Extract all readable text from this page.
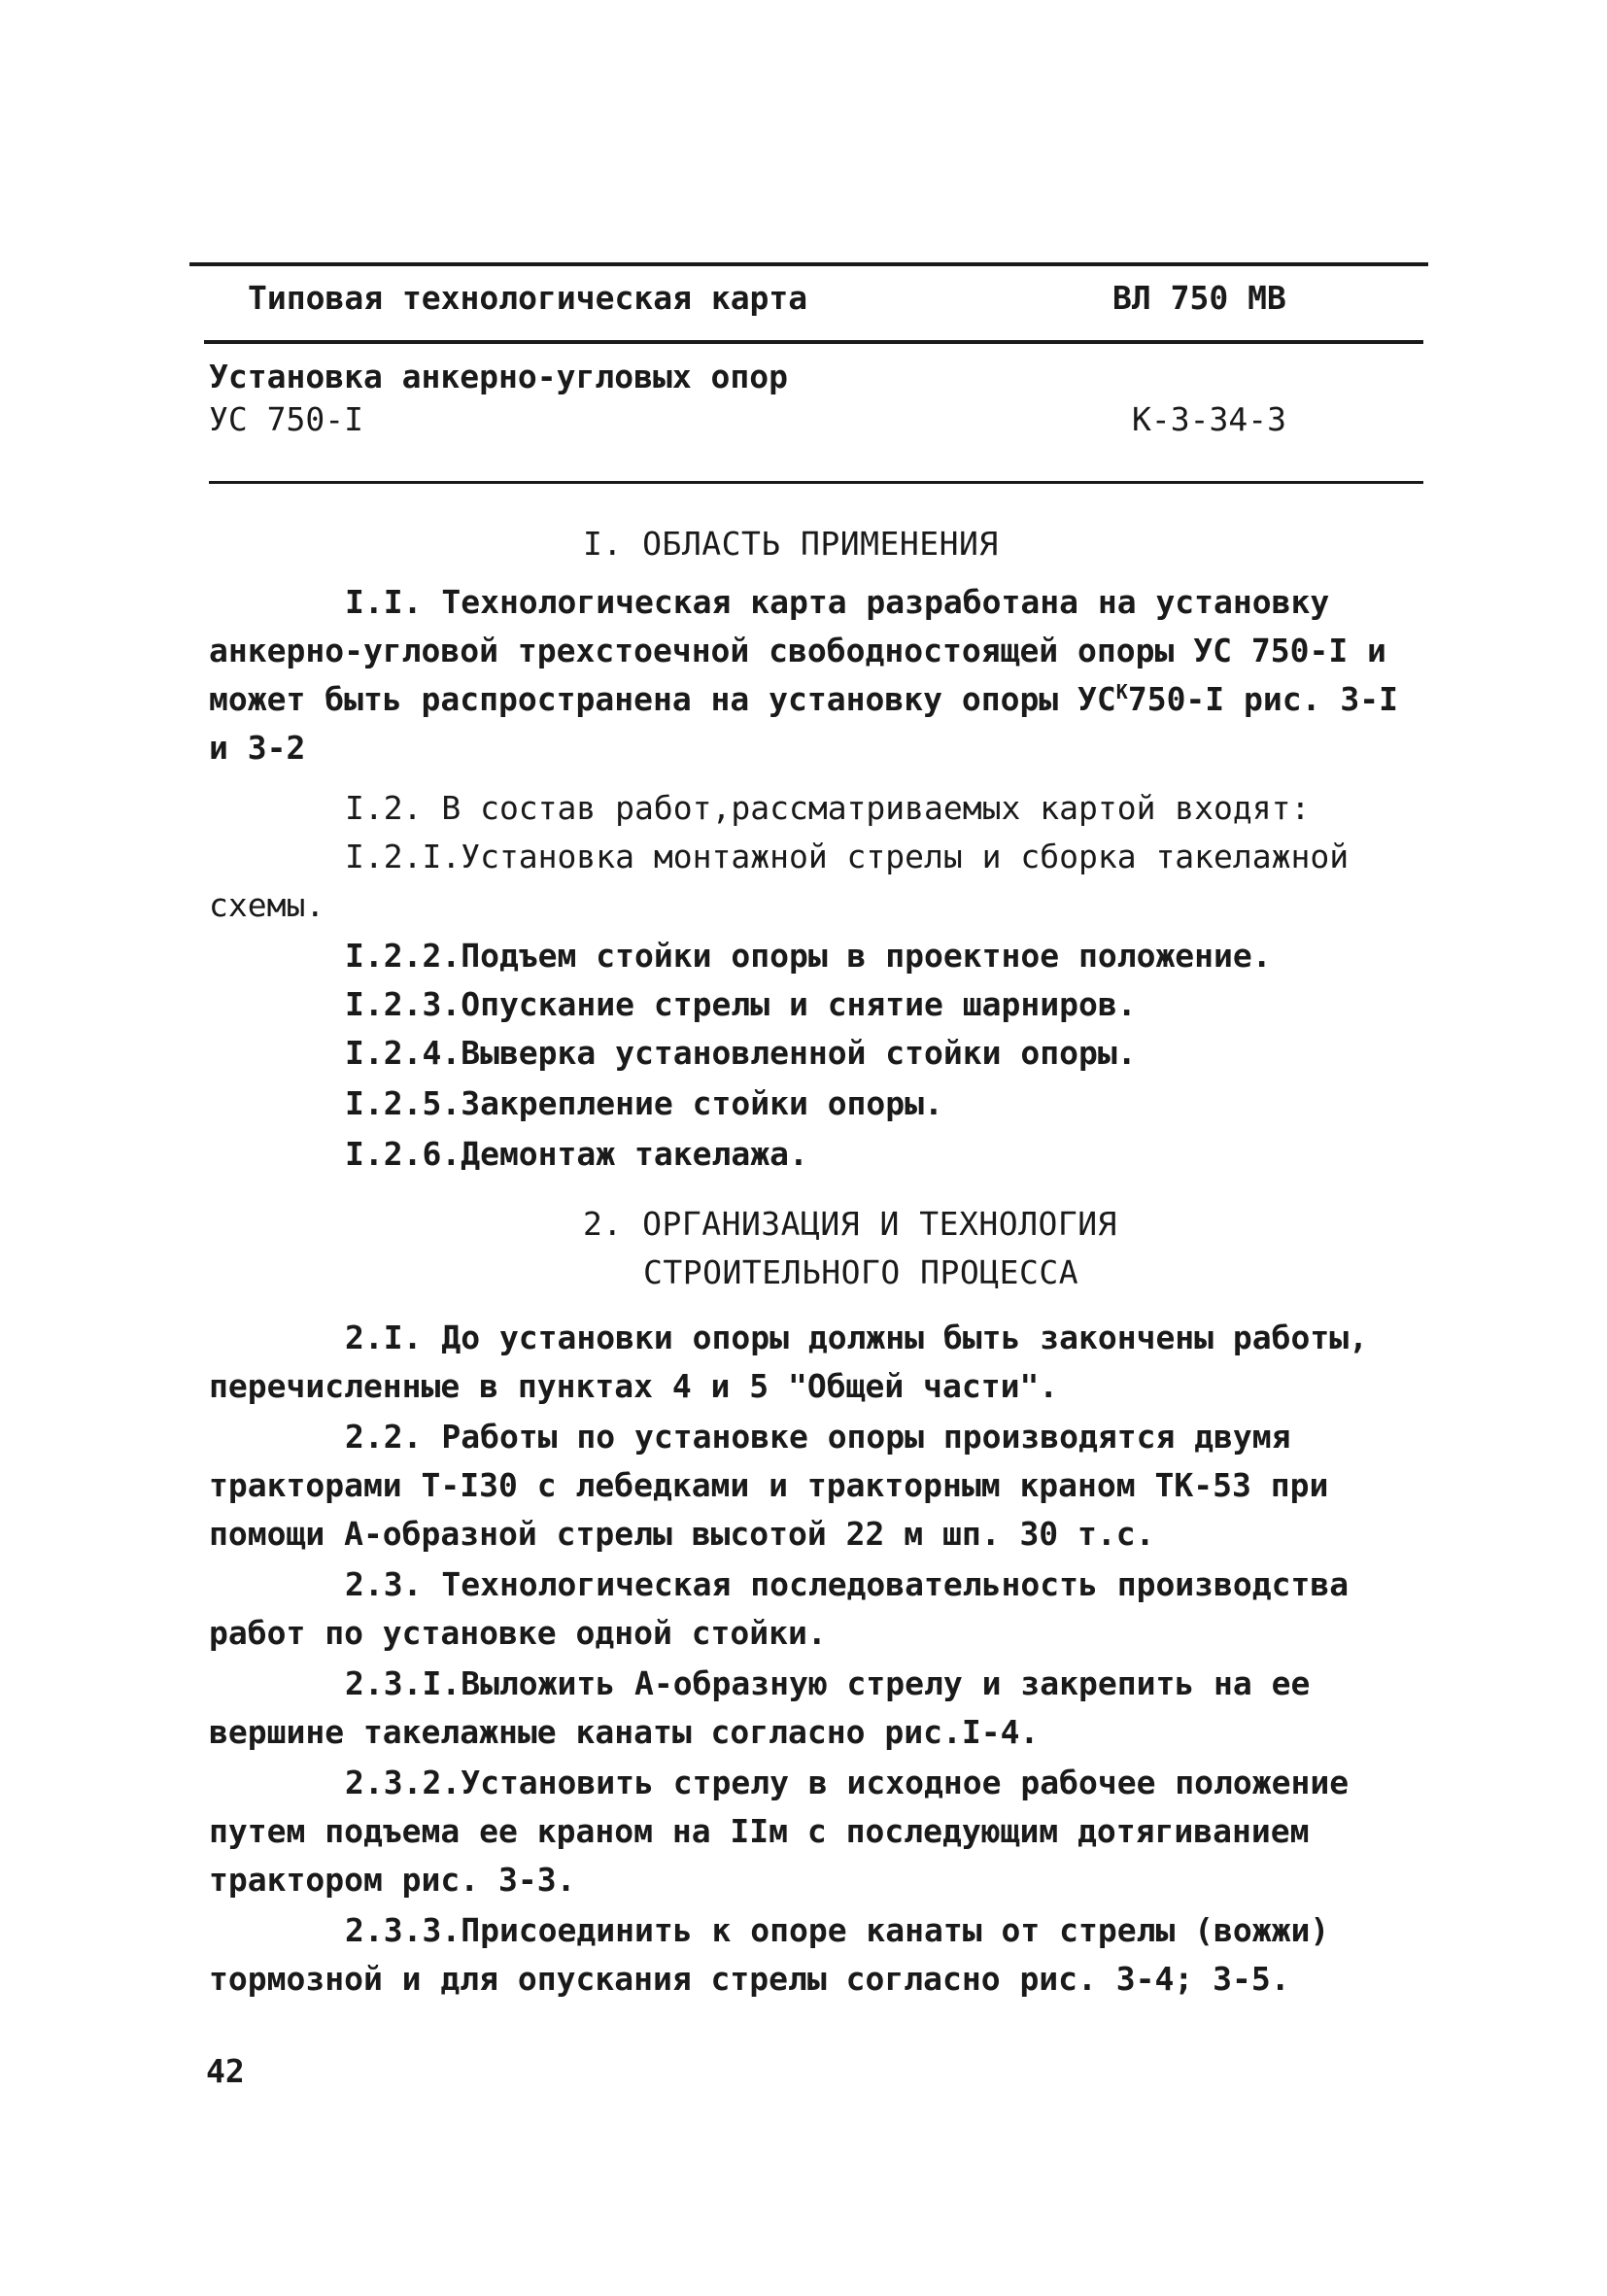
Типовая технологическая карта	ВЛ 750 МВ
Установка анкерно-угловых опор
УС 750-I	К-3-34-3
I. ОБЛАСТЬ ПРИМЕНЕНИЯ
I.I. Технологическая карта разработана на установку
анкерно-угловой трехстоечной свободностоящей опоры УС 750-I и
может быть распространена на установку опоры $УС^К750-I$ рис. 3-I
и 3-2
I.2. В состав работ,рассматриваемых картой входят:
I.2.I.Установка монтажной стрелы и сборка такелажной
схемы.
I.2.2.Подъем стойки опоры в проектное положение.
I.2.3.Опускание стрелы и снятие шарниров.
I.2.4.Выверка установленной стойки опоры.
I.2.5.Закрепление стойки опоры.
I.2.6.Демонтаж такелажа.
2. ОРГАНИЗАЦИЯ И ТЕХНОЛОГИЯ
СТРОИТЕЛЬНОГО ПРОЦЕССА
2.I. До установки опоры должны быть закончены работы,
перечисленные в пунктах 4 и 5 "Общей части".
2.2. Работы по установке опоры производятся двумя
тракторами Т-I30 с лебедками и тракторным краном ТК-53 при
помощи А-образной стрелы высотой 22 м шп. 30 т.с.
2.3. Технологическая последовательность производства
работ по установке одной стойки.
2.3.I.Выложить А-образную стрелу и закрепить на ее
вершине такелажные канаты согласно рис.I-4.
2.3.2.Установить стрелу в исходное рабочее положение
путем подъема ее краном на IIм с последующим дотягиванием
трактором рис. 3-3.
2.3.3.Присоединить к опоре канаты от стрелы (вожжи)
тормозной и для опускания стрелы согласно рис. 3-4; 3-5.
42
